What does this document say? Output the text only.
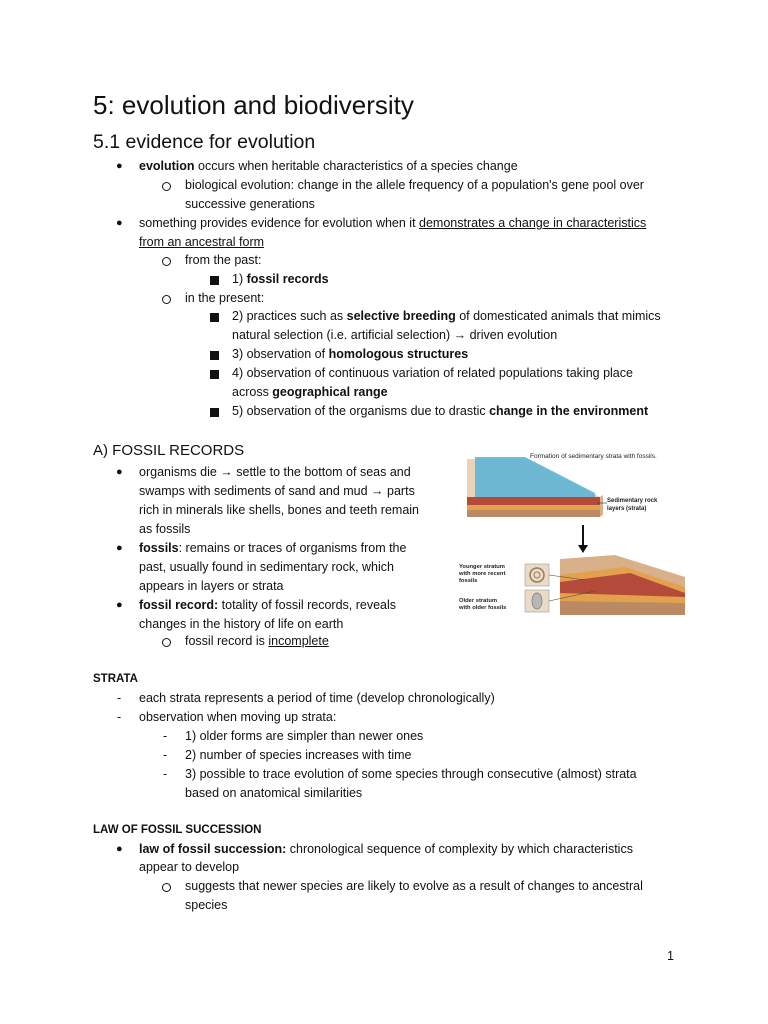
5: evolution and biodiversity
5.1 evidence for evolution
● evolution occurs when heritable characteristics of a species change
biological evolution: change in the allele frequency of a population's gene pool over
successive generations
● something provides evidence for evolution when it demonstrates a change in characteristics
from an ancestral form
from the past:
1) fossil records
in the present:
2) practices such as selective breeding of domesticated animals that mimics
natural selection (i.e. artificial selection) → driven evolution
3) observation of homologous structures
4) observation of continuous variation of related populations taking place
across geographical range
5) observation of the organisms due to drastic change in the environment
A) FOSSIL RECORDS
● organisms die → settle to the bottom of seas and
swamps with sediments of sand and mud → parts
rich in minerals like shells, bones and teeth remain
as fossils
● fossils: remains or traces of organisms from the
past, usually found in sedimentary rock, which
appears in layers or strata
● fossil record: totality of fossil records, reveals
changes in the history of life on earth
fossil record is incomplete
Formation of sedimentary strata with fossils.
Sedimentary rock
layers (strata)
Younger stratum
with more recent
fossils
Older stratum
with older fossils
STRATA
- each strata represents a period of time (develop chronologically)
- observation when moving up strata:
- 1) older forms are simpler than newer ones
- 2) number of species increases with time
- 3) possible to trace evolution of some species through consecutive (almost) strata
based on anatomical similarities
LAW OF FOSSIL SUCCESSION
● law of fossil succession: chronological sequence of complexity by which characteristics
appear to develop
suggests that newer species are likely to evolve as a result of changes to ancestral
species
1
